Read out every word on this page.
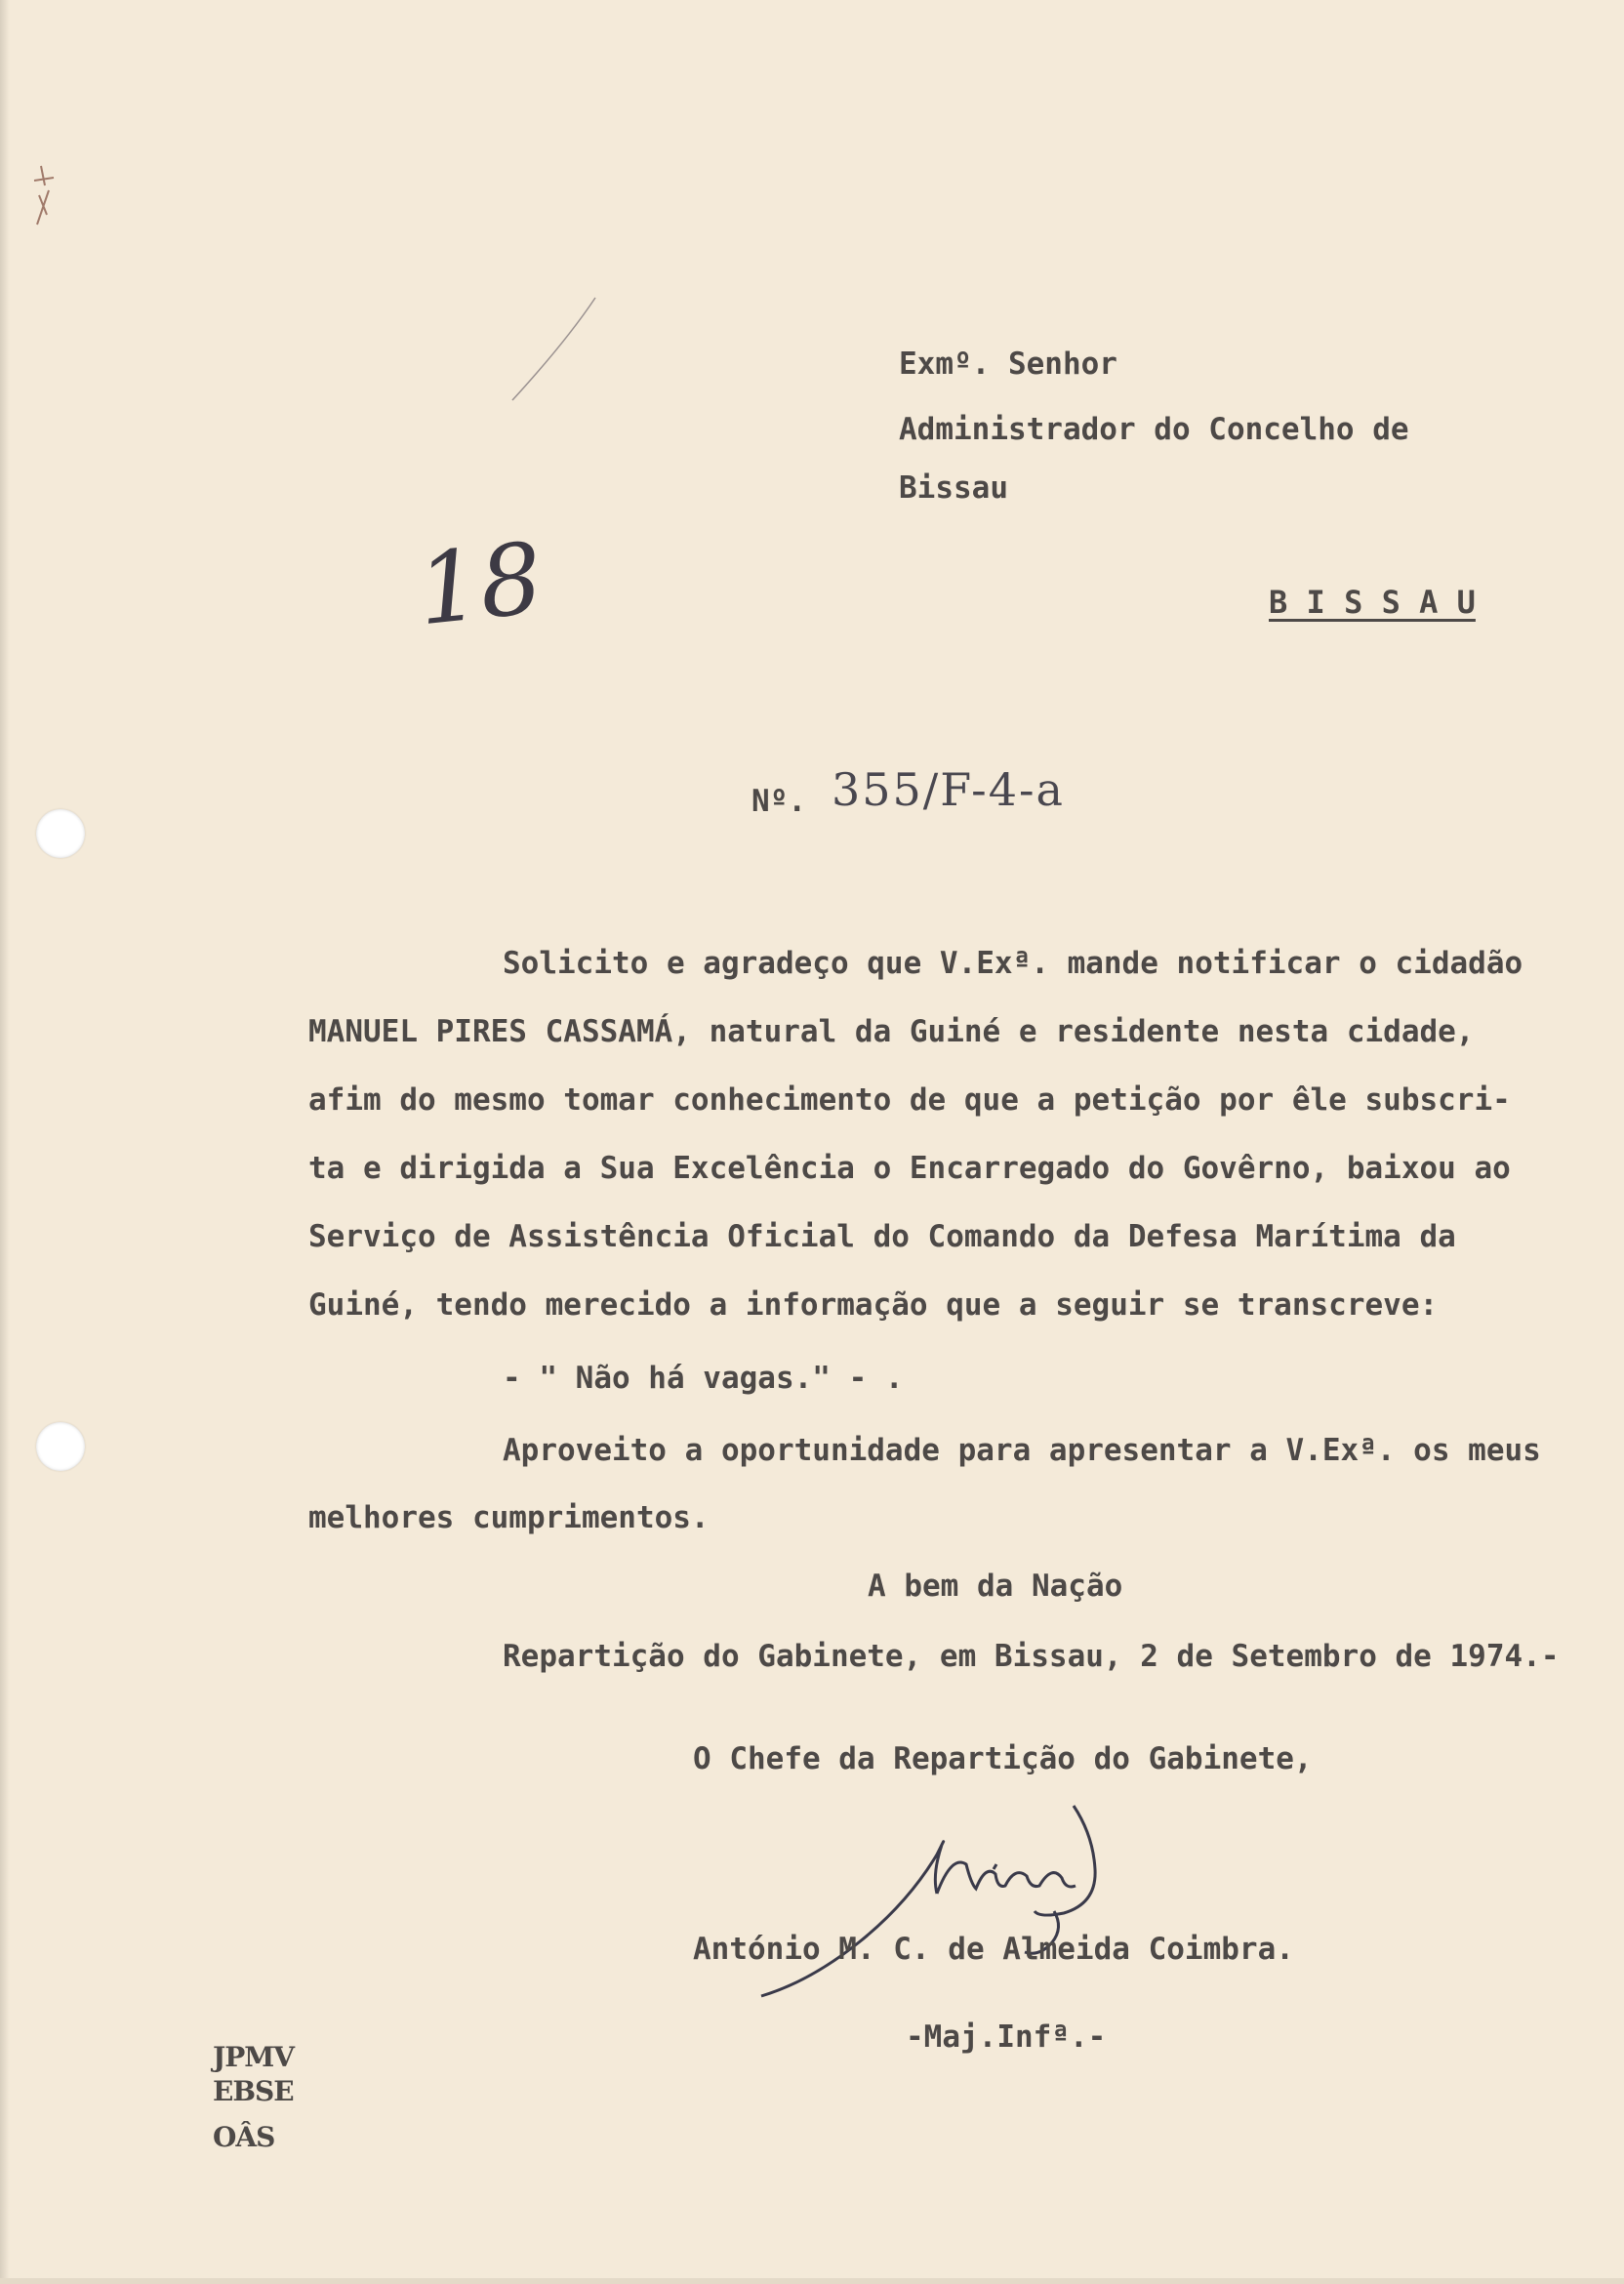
Exmº. Senhor

Administrador do Concelho de

Bissau

B I S S A U

18

Nº. 355/F-4-a

Solicito e agradeço que V.Exª. mande notificar o cidadão

MANUEL PIRES CASSAMÁ, natural da Guiné e residente nesta cidade,

afim do mesmo tomar conhecimento de que a petição por êle subscri-

ta e dirigida a Sua Excelência o Encarregado do Govêrno, baixou ao

Serviço de Assistência Oficial do Comando da Defesa Marítima da

Guiné, tendo merecido a informação que a seguir se transcreve:

- " Não há vagas." - .

Aproveito a oportunidade para apresentar a V.Exª. os meus

melhores cumprimentos.

A bem da Nação

Repartição do Gabinete, em Bissau, 2 de Setembro de 1974.-

O Chefe da Repartição do Gabinete,

António M. C. de Almeida Coimbra.

-Maj.Infª.-

JPMV

EBSE

OÂS
